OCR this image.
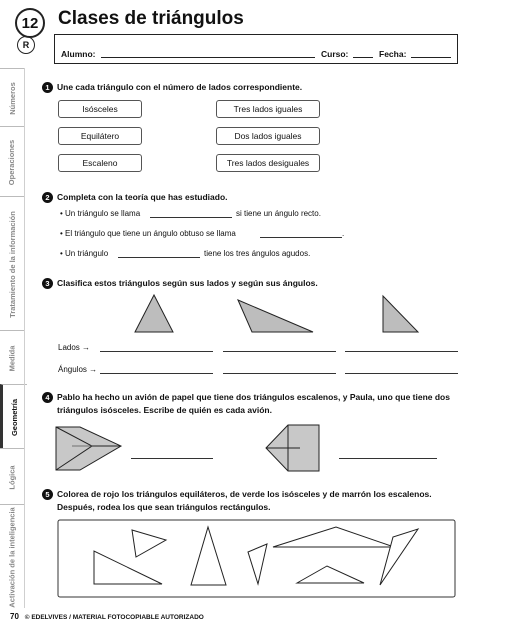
12
R
Clases de triángulos
Alumno:	Curso:	Fecha:
Números
Operaciones
Tratamiento de la información
Medida
Geometría
Lógica
Activación de la inteligencia
1 Une cada triángulo con el número de lados correspondiente.
Isósceles
Equilátero
Escaleno
Tres lados iguales
Dos lados iguales
Tres lados desiguales
2 Completa con la teoría que has estudiado.
• Un triángulo se llama	si tiene un ángulo recto.
• El triángulo que tiene un ángulo obtuso se llama	.
• Un triángulo	tiene los tres ángulos agudos.
3 Clasifica estos triángulos según sus lados y según sus ángulos.
Lados →
Ángulos →
4 Pablo ha hecho un avión de papel que tiene dos triángulos escalenos, y Paula, uno que tiene dos triángulos isósceles. Escribe de quién es cada avión.
5 Colorea de rojo los triángulos equiláteros, de verde los isósceles y de marrón los escalenos. Después, rodea los que sean triángulos rectángulos.
70 © EDELVIVES / MATERIAL FOTOCOPIABLE AUTORIZADO
